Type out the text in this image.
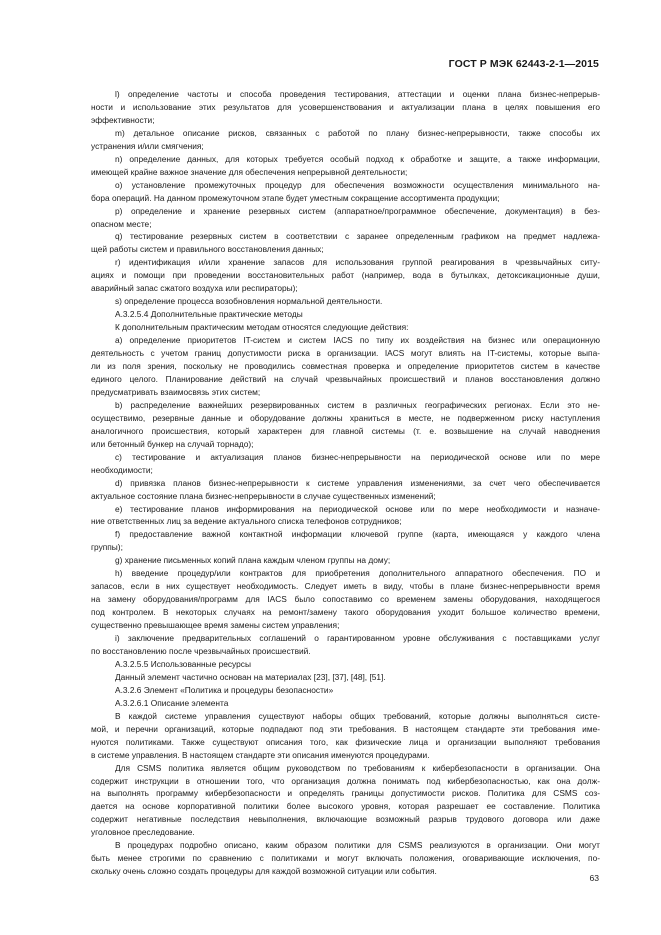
ГОСТ Р МЭК 62443-2-1—2015
l) определение частоты и способа проведения тестирования, аттестации и оценки плана бизнес-непрерыв-
ности и использование этих результатов для усовершенствования и актуализации плана в целях повышения его
эффективности;
m) детальное описание рисков, связанных с работой по плану бизнес-непрерывности, также способы их
устранения и/или смягчения;
n) определение данных, для которых требуется особый подход к обработке и защите, а также информации,
имеющей крайне важное значение для обеспечения непрерывной деятельности;
o) установление промежуточных процедур для обеспечения возможности осуществления минимального на-
бора операций. На данном промежуточном этапе будет уместным сокращение ассортимента продукции;
p) определение и хранение резервных систем (аппаратное/программное обеспечение, документация) в без-
опасном месте;
q) тестирование резервных систем в соответствии с заранее определенным графиком на предмет надлежа-
щей работы систем и правильного восстановления данных;
r) идентификация и/или хранение запасов для использования группой реагирования в чрезвычайных ситу-
ациях и помощи при проведении восстановительных работ (например, вода в бутылках, детоксикационные души,
аварийный запас сжатого воздуха или респираторы);
s) определение процесса возобновления нормальной деятельности.
А.3.2.5.4 Дополнительные практические методы
К дополнительным практическим методам относятся следующие действия:
a) определение приоритетов IT-систем и систем IACS по типу их воздействия на бизнес или операционную
деятельность с учетом границ допустимости риска в организации. IACS могут влиять на IT-системы, которые выпа-
ли из поля зрения, поскольку не проводились совместная проверка и определение приоритетов систем в качестве
единого целого. Планирование действий на случай чрезвычайных происшествий и планов восстановления должно
предусматривать взаимосвязь этих систем;
b) распределение важнейших резервированных систем в различных географических регионах. Если это не-
осуществимо, резервные данные и оборудование должны храниться в месте, не подверженном риску наступления
аналогичного происшествия, который характерен для главной системы (т. е. возвышение на случай наводнения
или бетонный бункер на случай торнадо);
c) тестирование и актуализация планов бизнес-непрерывности на периодической основе или по мере
необходимости;
d) привязка планов бизнес-непрерывности к системе управления изменениями, за счет чего обеспечивается
актуальное состояние плана бизнес-непрерывности в случае существенных изменений;
e) тестирование планов информирования на периодической основе или по мере необходимости и назначе-
ние ответственных лиц за ведение актуального списка телефонов сотрудников;
f) предоставление важной контактной информации ключевой группе (карта, имеющаяся у каждого члена
группы);
g) хранение письменных копий плана каждым членом группы на дому;
h) введение процедур/или контрактов для приобретения дополнительного аппаратного обеспечения. ПО и
запасов, если в них существует необходимость. Следует иметь в виду, чтобы в плане бизнес-непрерывности время
на замену оборудования/программ для IACS было сопоставимо со временем замены оборудования, находящегося
под контролем. В некоторых случаях на ремонт/замену такого оборудования уходит большое количество времени,
существенно превышающее время замены систем управления;
i) заключение предварительных соглашений о гарантированном уровне обслуживания с поставщиками услуг
по восстановлению после чрезвычайных происшествий.
А.3.2.5.5 Использованные ресурсы
Данный элемент частично основан на материалах [23], [37], [48], [51].
А.3.2.6 Элемент «Политика и процедуры безопасности»
А.3.2.6.1 Описание элемента
В каждой системе управления существуют наборы общих требований, которые должны выполняться систе-
мой, и перечни организаций, которые подпадают под эти требования. В настоящем стандарте эти требования име-
нуются политиками. Также существуют описания того, как физические лица и организации выполняют требования
в системе управления. В настоящем стандарте эти описания именуются процедурами.
Для CSMS политика является общим руководством по требованиям к кибербезопасности в организации. Она
содержит инструкции в отношении того, что организация должна понимать под кибербезопасностью, как она долж-
на выполнять программу кибербезопасности и определять границы допустимости рисков. Политика для CSMS соз-
дается на основе корпоративной политики более высокого уровня, которая разрешает ее составление. Политика
содержит негативные последствия невыполнения, включающие возможный разрыв трудового договора или даже
уголовное преследование.
В процедурах подробно описано, каким образом политики для CSMS реализуются в организации. Они могут
быть менее строгими по сравнению с политиками и могут включать положения, оговаривающие исключения, по-
скольку очень сложно создать процедуры для каждой возможной ситуации или события.
63
